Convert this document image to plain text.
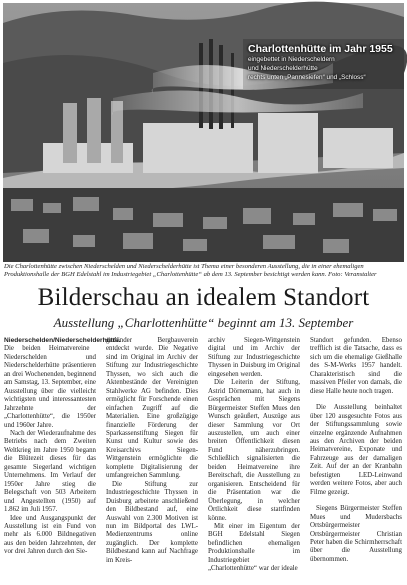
Charlottenhütte im Jahr 1955
eingebettet in Niederscheldern
und Niederschelderhütte
rechts unten „Pannesiefen“ und „Schloss“
Die Charlottenhütte zwischen Niederschelden und Niederschelderhütte ist Thema einer besonderen Ausstellung, die in einer ehemaligen Produktionshalle der BGH Edelstahl im Industriegebiet „Charlottenhütte“ ab dem 13. September besichtigt werden kann. Foto: Veranstalter
Bilderschau an idealem Standort
Ausstellung „Charlottenhütte“ beginnt am 13. September

Niederschelden/Niederschelderhütte. Die beiden Heimatvereine Niederschelden und Niederschelderhütte präsentieren an drei Wochenenden, beginnend am Samstag, 13. September, eine Ausstellung über die vielleicht wichtigsten und interessantesten Jahrzehnte der „Charlottenhütte“, die 1950er und 1960er Jahre.

Nach der Wiederaufnahme des Betriebs nach dem Zweiten Weltkrieg im Jahre 1950 begann die Blütezeit dieses für das gesamte Siegerland wichtigen Unternehmens. Im Verlauf der 1950er Jahre stieg die Belegschaft von 503 Arbeitern und Angestellten (1950) auf 1.862 im Juli 1957.

Idee und Ausgangspunkt der Ausstellung ist ein Fund von mehr als 6.000 Bildnegativen aus den beiden Jahrzehnten, der vor drei Jahren durch den Sie-

gerländer Bergbauverein entdeckt wurde. Die Negative sind im Original im Archiv der Stiftung zur Industriegeschichte Thyssen, wo sich auch die Aktenbestände der Vereinigten Stahlwerke AG befinden. Dies ermöglicht für Forschende einen einfachen Zugriff auf die Materialien. Eine großzügige finanzielle Förderung der Sparkassenstiftung Siegen für Kunst und Kultur sowie des Kreisarchivs Siegen-Wittgenstein ermöglichte die komplette Digitalisierung der umfangreichen Sammlung.

Die Stiftung zur Industriegeschichte Thyssen in Duisburg arbeitete anschließend den Bildbestand auf, eine Auswahl von 2.300 Motiven ist nun im Bildportal des LWL-Medienzentrums online zugänglich. Der komplette Bildbestand kann auf Nachfrage im Kreis-

archiv Siegen-Wittgenstein digital und im Archiv der Stiftung zur Industriegeschichte Thyssen in Duisburg im Original eingesehen werden.

Die Leiterin der Stiftung, Astrid Dörnemann, hat auch in Gesprächen mit Siegens Bürgermeister Steffen Mues den Wunsch geäußert, Auszüge aus dieser Sammlung vor Ort auszustellen, um auch einer breiten Öffentlichkeit diesen Fund näherzubringen. Schließlich signalisierten die beiden Heimatvereine ihre Bereitschaft, die Ausstellung zu organisieren. Entscheidend für die Präsentation war die Überlegung, in welcher Örtlichkeit diese stattfinden könne.

Mit einer im Eigentum der BGH Edelstahl Siegen befindlichen ehemaligen Produktionshalle im Industriegebiet „Charlottenhütte“ war der ideale

Standort gefunden. Ebenso trefflich ist die Tatsache, dass es sich um die ehemalige Gießhalle des S-M-Werks 1957 handelt. Charakteristisch sind die massiven Pfeiler von damals, die diese Halle heute noch tragen.

Die Ausstellung beinhaltet über 120 ausgesuchte Fotos aus der Stiftungssammlung sowie einzelne ergänzende Aufnahmen aus den Archiven der beiden Heimatvereine, Exponate und Fahrzeuge aus der damaligen Zeit. Auf der an der Kranbahn befestigten LED-Leinwand werden weitere Fotos, aber auch Filme gezeigt.

Siegens Bürgermeister Steffen Mues und Mudersbachs Ortsbürgermeister Ortsbürgermeister Christian Peter haben die Schirmherrschaft über die Ausstellung übernommen.
